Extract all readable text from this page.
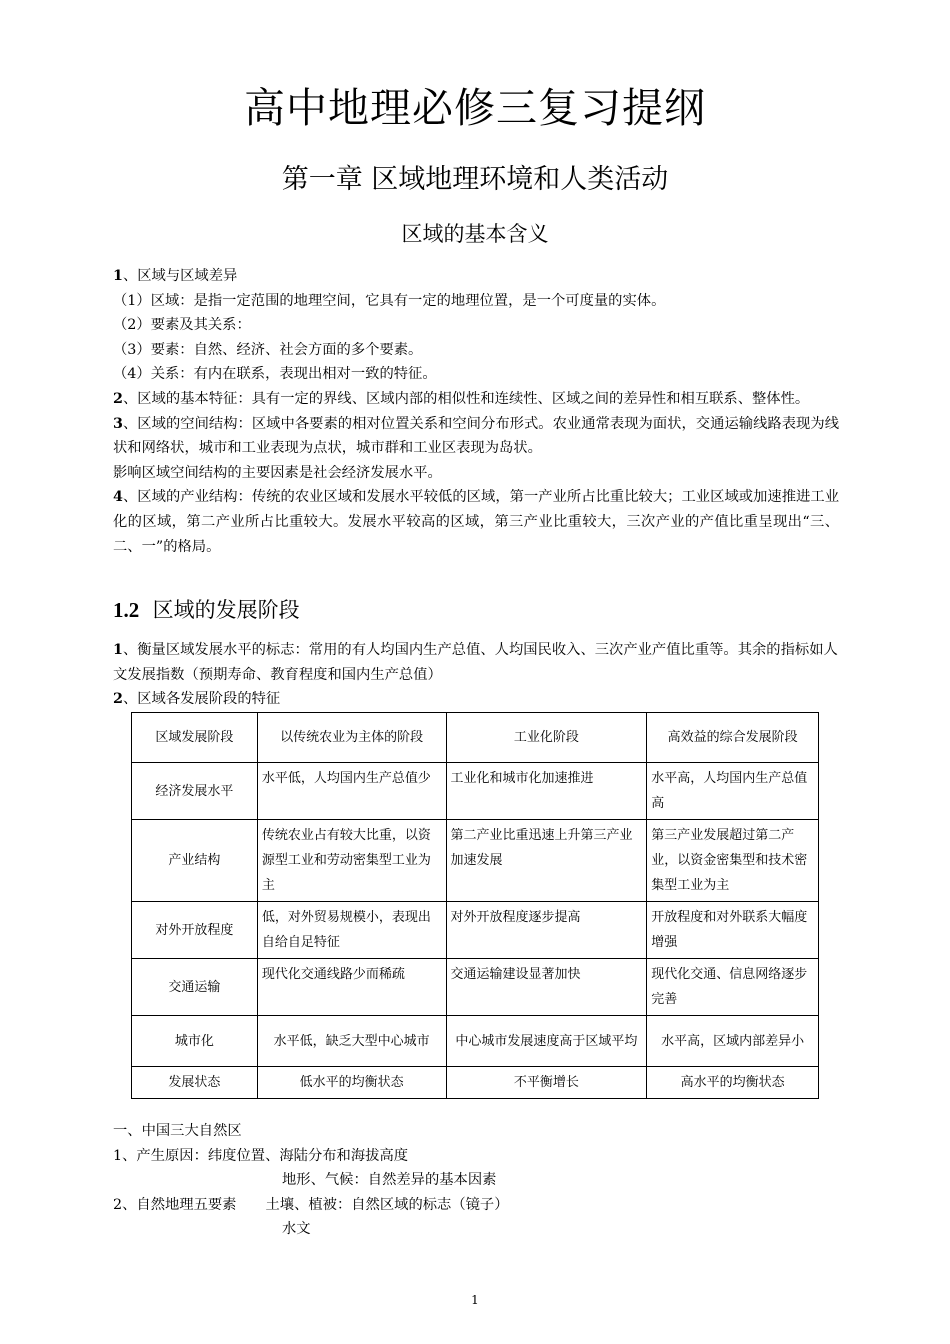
高中地理必修三复习提纲
第一章 区域地理环境和人类活动
区域的基本含义

1、区域与区域差异

（1）区域：是指一定范围的地理空间，它具有一定的地理位置，是一个可度量的实体。

（2）要素及其关系：

（3）要素：自然、经济、社会方面的多个要素。

（4）关系：有内在联系，表现出相对一致的特征。

2、区域的基本特征：具有一定的界线、区域内部的相似性和连续性、区域之间的差异性和相互联系、整体性。

3、区域的空间结构：区域中各要素的相对位置关系和空间分布形式。农业通常表现为面状，交通运输线路表现为线状和网络状，城市和工业表现为点状，城市群和工业区表现为岛状。

影响区域空间结构的主要因素是社会经济发展水平。

4、区域的产业结构：传统的农业区域和发展水平较低的区域，第一产业所占比重比较大；工业区域或加速推进工业化的区域，第二产业所占比重较大。发展水平较高的区域，第三产业比重较大，三次产业的产值比重呈现出“三、二、一”的格局。

1.2 区域的发展阶段

1、衡量区域发展水平的标志：常用的有人均国内生产总值、人均国民收入、三次产业产值比重等。其余的指标如人文发展指数（预期寿命、教育程度和国内生产总值）

2、区域各发展阶段的特征

区域发展阶段	以传统农业为主体的阶段	工业化阶段	高效益的综合发展阶段
经济发展水平	水平低，人均国内生产总值少	工业化和城市化加速推进	水平高，人均国内生产总值高
产业结构	传统农业占有较大比重，以资源型工业和劳动密集型工业为主	第二产业比重迅速上升第三产业加速发展	第三产业发展超过第二产业，以资金密集型和技术密集型工业为主
对外开放程度	低，对外贸易规模小，表现出自给自足特征	对外开放程度逐步提高	开放程度和对外联系大幅度增强
交通运输	现代化交通线路少而稀疏	交通运输建设显著加快	现代化交通、信息网络逐步完善
城市化	水平低，缺乏大型中心城市	中心城市发展速度高于区域平均	水平高，区域内部差异小
发展状态	低水平的均衡状态	不平衡增长	高水平的均衡状态

一、中国三大自然区

1、产生原因：纬度位置、海陆分布和海拔高度

地形、气候：自然差异的基本因素

2、自然地理五要素 土壤、植被：自然区域的标志（镜子）

水文

1
